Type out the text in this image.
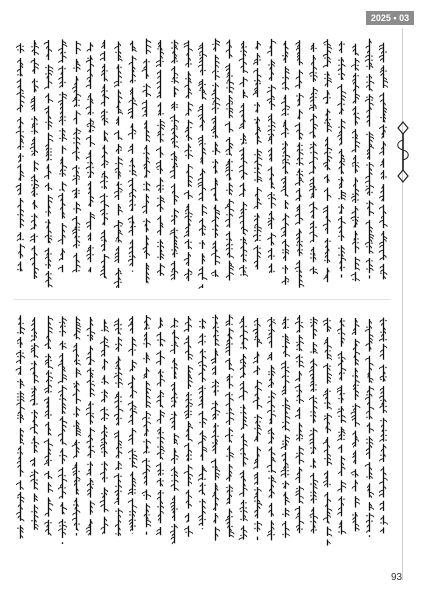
2025 • 03
93
